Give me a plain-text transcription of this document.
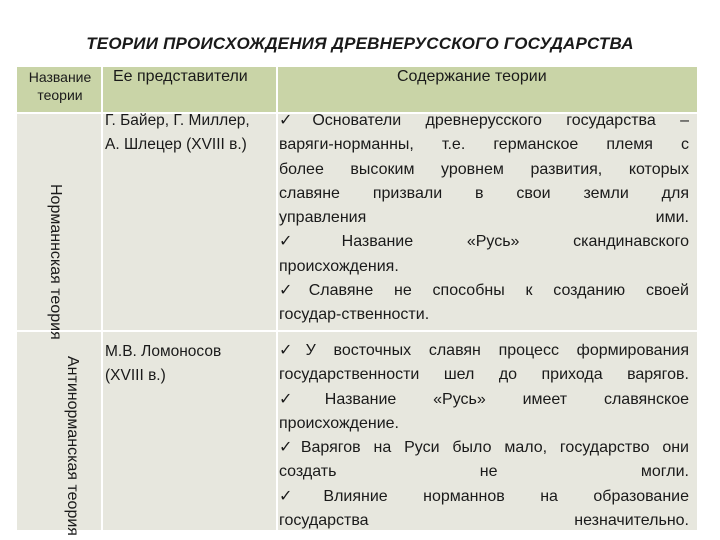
ТЕОРИИ ПРОИСХОЖДЕНИЯ ДРЕВНЕРУССКОГО ГОСУДАРСТВА
Название теории
Ее представители	Содержание теории
Норманнская теория
Г. Байер, Г. Миллер,
А. Шлецер (XVIII в.)
✓Основатели древнерусского государства –
варяги-норманны, т.е. германское племя с
более высоким уровнем развития, которых
славяне призвали в свои земли для
управления ими.
✓Название «Русь» скандинавского
происхождения.
✓Славяне не способны к созданию своей
государ-ственности.
Антинорманская теория
М.В. Ломоносов
(XVIII в.)
✓У восточных славян процесс формирования
государственности шел до прихода варягов.
✓Название «Русь» имеет славянское
происхождение.
✓Варягов на Руси было мало, государство они
создать не могли.
✓Влияние норманнов на образование
государства незначительно.
